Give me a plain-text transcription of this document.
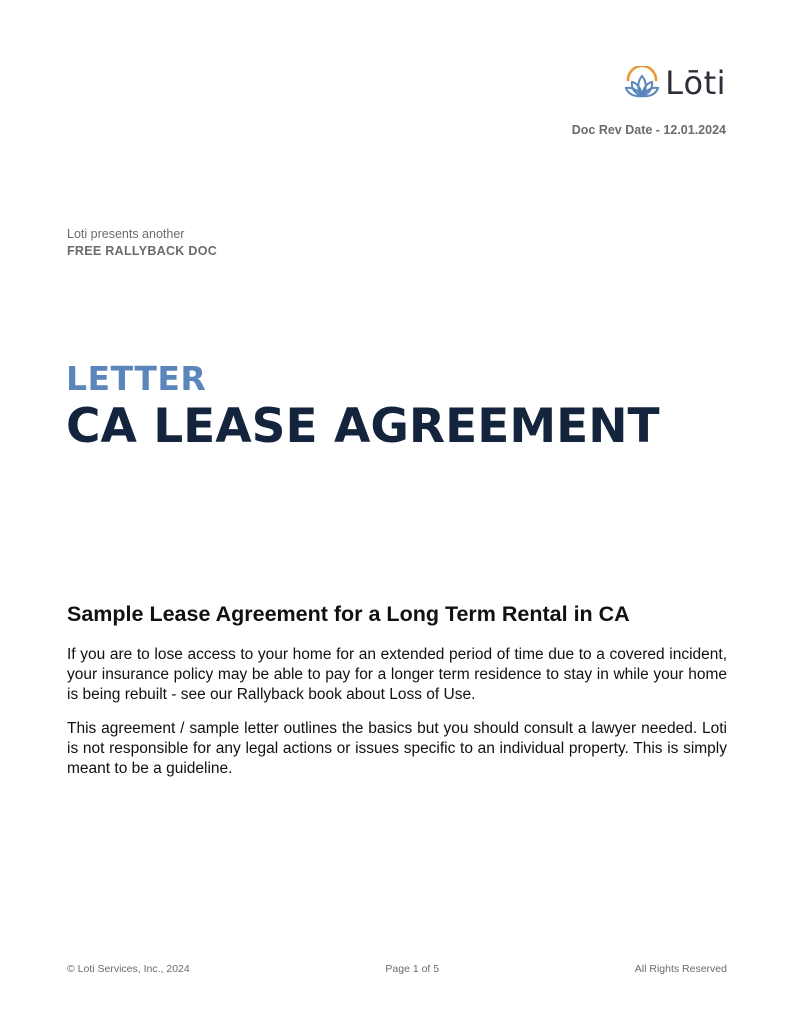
Lōti
Doc Rev Date - 12.01.2024
Loti presents another
FREE RALLYBACK DOC
LETTER
CA LEASE AGREEMENT
Sample Lease Agreement for a Long Term Rental in CA

If you are to lose access to your home for an extended period of time due to a covered incident, your insurance policy may be able to pay for a longer term residence to stay in while your home is being rebuilt - see our Rallyback book about Loss of Use.

This agreement / sample letter outlines the basics but you should consult a lawyer needed. Loti is not responsible for any legal actions or issues specific to an individual property. This is simply meant to be a guideline.

© Loti Services, Inc., 2024	Page 1 of 5	All Rights Reserved
